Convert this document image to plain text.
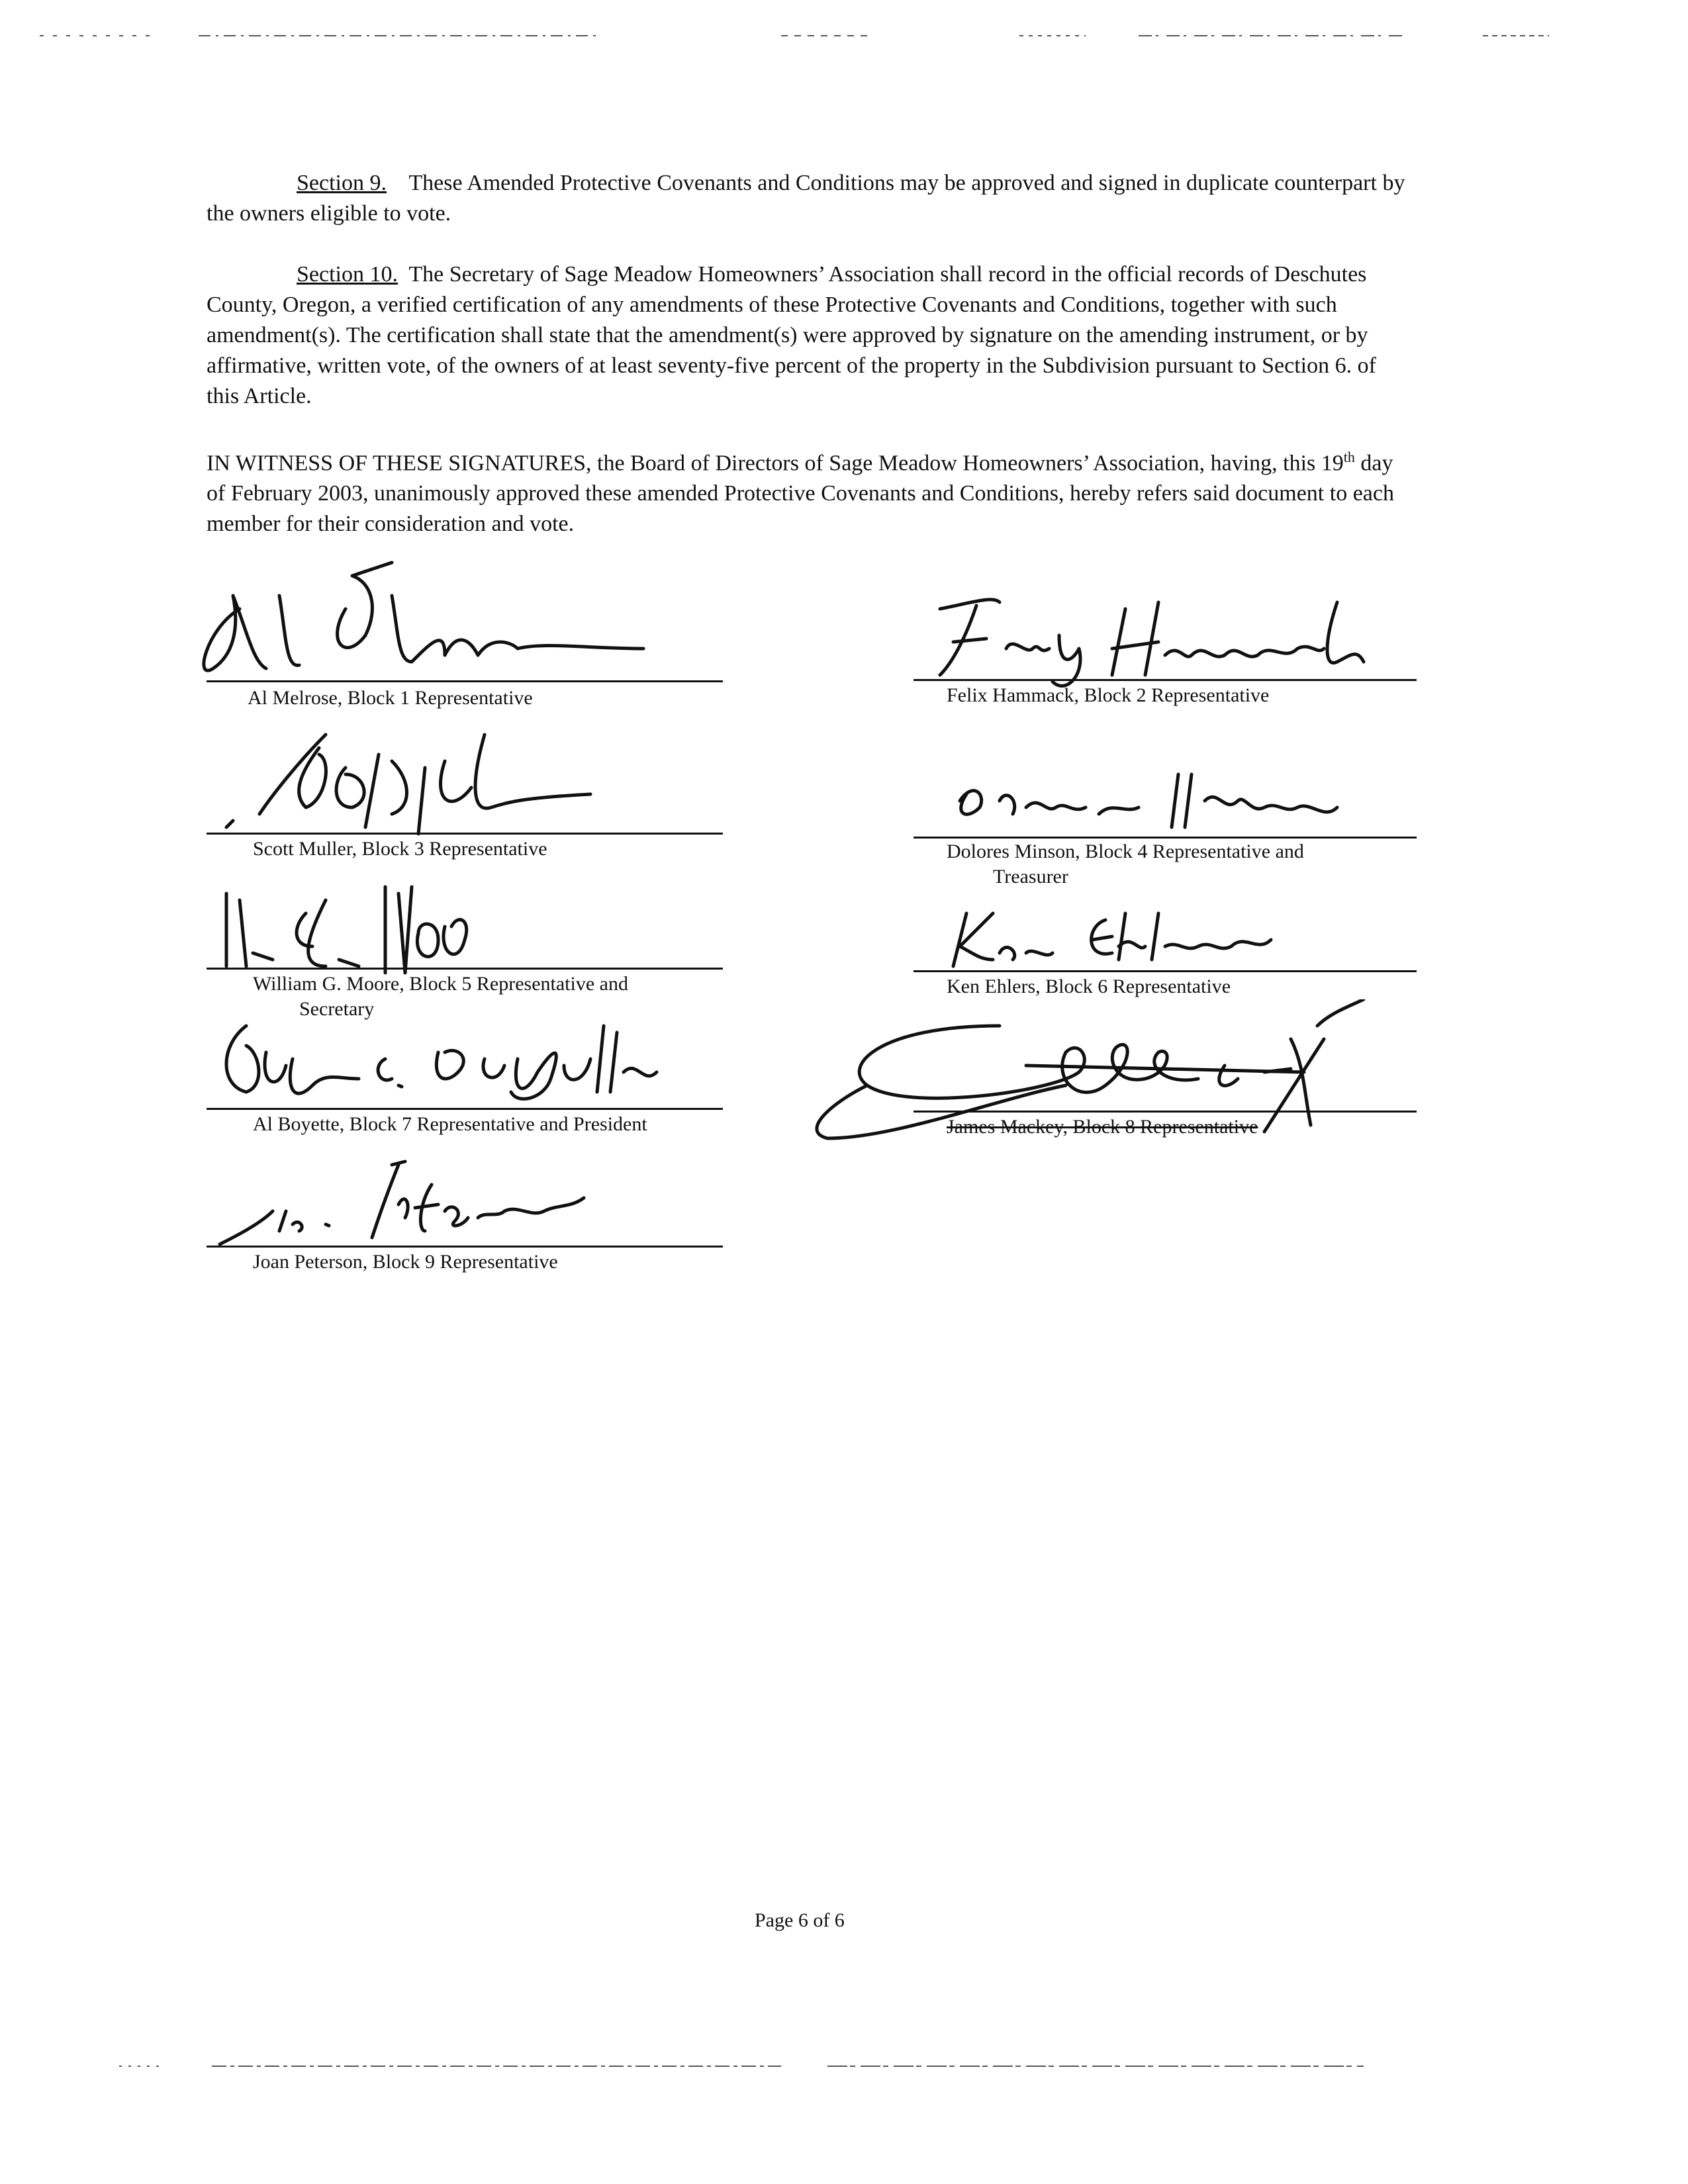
Section 9. These Amended Protective Covenants and Conditions may be approved and signed in duplicate counterpart by the owners eligible to vote.

Section 10. The Secretary of Sage Meadow Homeowners’ Association shall record in the official records of Deschutes County, Oregon, a verified certification of any amendments of these Protective Covenants and Conditions, together with such amendment(s). The certification shall state that the amendment(s) were approved by signature on the amending instrument, or by affirmative, written vote, of the owners of at least seventy-five percent of the property in the Subdivision pursuant to Section 6. of this Article.

IN WITNESS OF THESE SIGNATURES, the Board of Directors of Sage Meadow Homeowners’ Association, having, this 19th day of February 2003, unanimously approved these amended Protective Covenants and Conditions, hereby refers said document to each member for their consideration and vote.

Al Melrose, Block 1 Representative	Felix Hammack, Block 2 Representative
Scott Muller, Block 3 Representative	Dolores Minson, Block 4 Representative and
Treasurer
William G. Moore, Block 5 Representative and
Secretary
Ken Ehlers, Block 6 Representative
Al Boyette, Block 7 Representative and President	James Mackey, Block 8 Representative
Joan Peterson, Block 9 Representative
Page 6 of 6
